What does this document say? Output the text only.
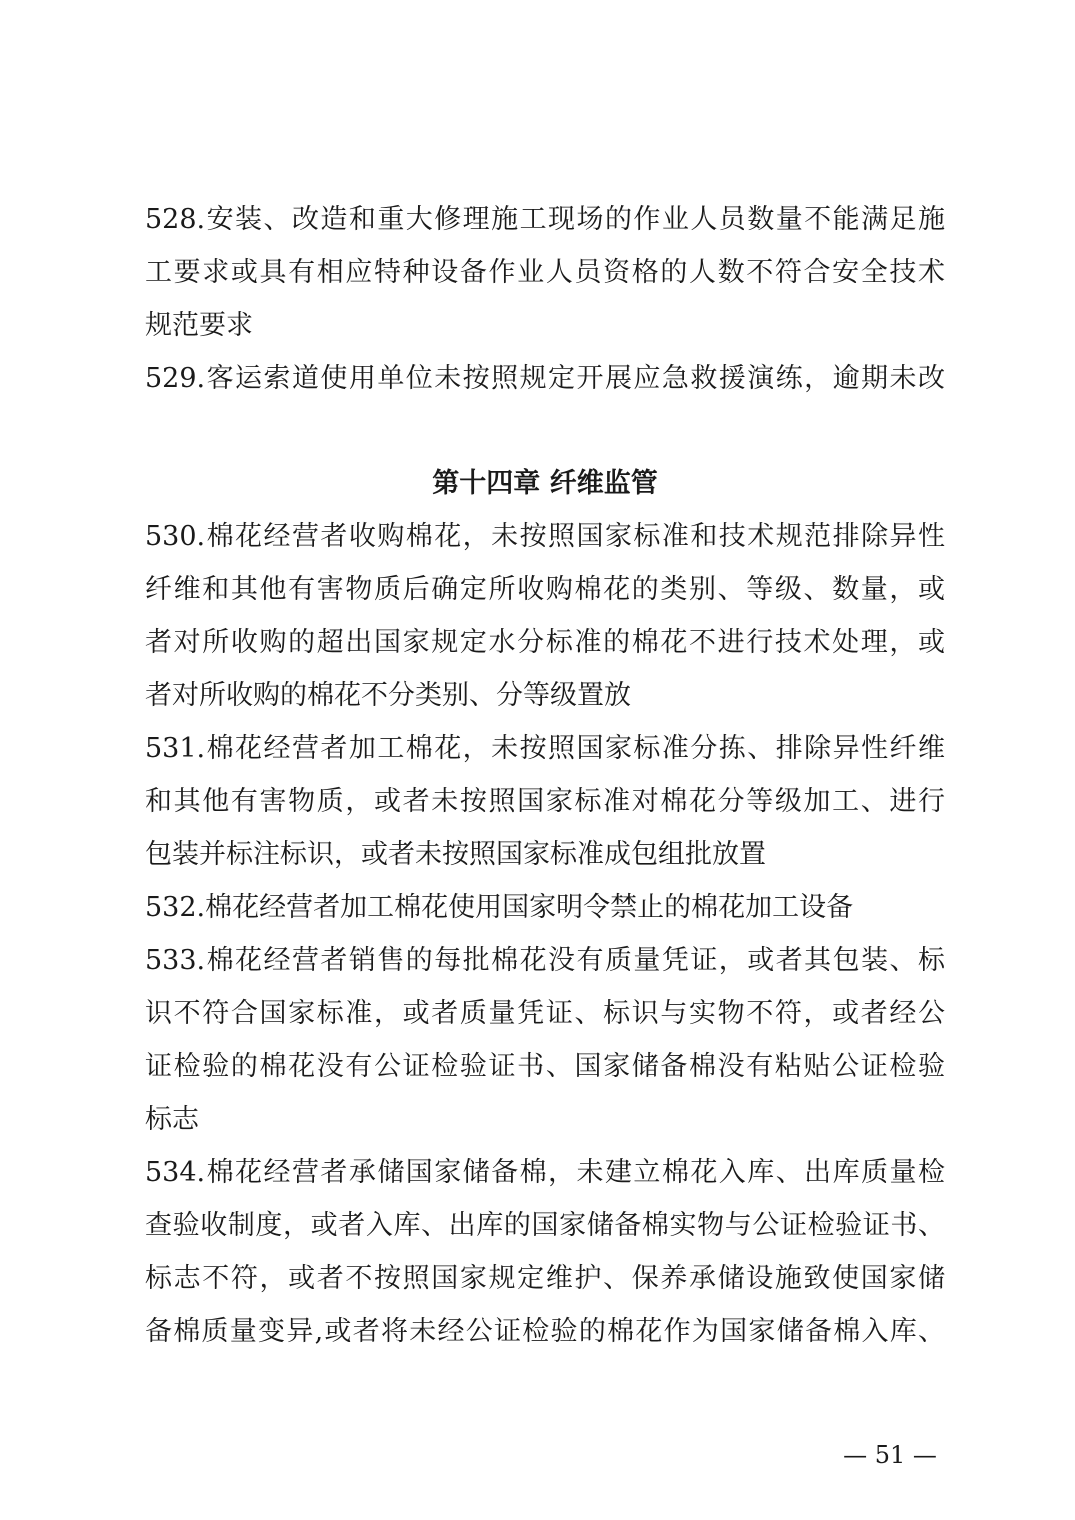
528.安装、改造和重大修理施工现场的作业人员数量不能满足施
工要求或具有相应特种设备作业人员资格的人数不符合安全技术
规范要求
529.客运索道使用单位未按照规定开展应急救援演练，逾期未改
第十四章 纤维监管
530.棉花经营者收购棉花，未按照国家标准和技术规范排除异性
纤维和其他有害物质后确定所收购棉花的类别、等级、数量，或
者对所收购的超出国家规定水分标准的棉花不进行技术处理，或
者对所收购的棉花不分类别、分等级置放
531.棉花经营者加工棉花，未按照国家标准分拣、排除异性纤维
和其他有害物质，或者未按照国家标准对棉花分等级加工、进行
包装并标注标识，或者未按照国家标准成包组批放置
532.棉花经营者加工棉花使用国家明令禁止的棉花加工设备
533.棉花经营者销售的每批棉花没有质量凭证，或者其包装、标
识不符合国家标准，或者质量凭证、标识与实物不符，或者经公
证检验的棉花没有公证检验证书、国家储备棉没有粘贴公证检验
标志
534.棉花经营者承储国家储备棉，未建立棉花入库、出库质量检
查验收制度，或者入库、出库的国家储备棉实物与公证检验证书、
标志不符，或者不按照国家规定维护、保养承储设施致使国家储
备棉质量变异,或者将未经公证检验的棉花作为国家储备棉入库、
— 51 —
